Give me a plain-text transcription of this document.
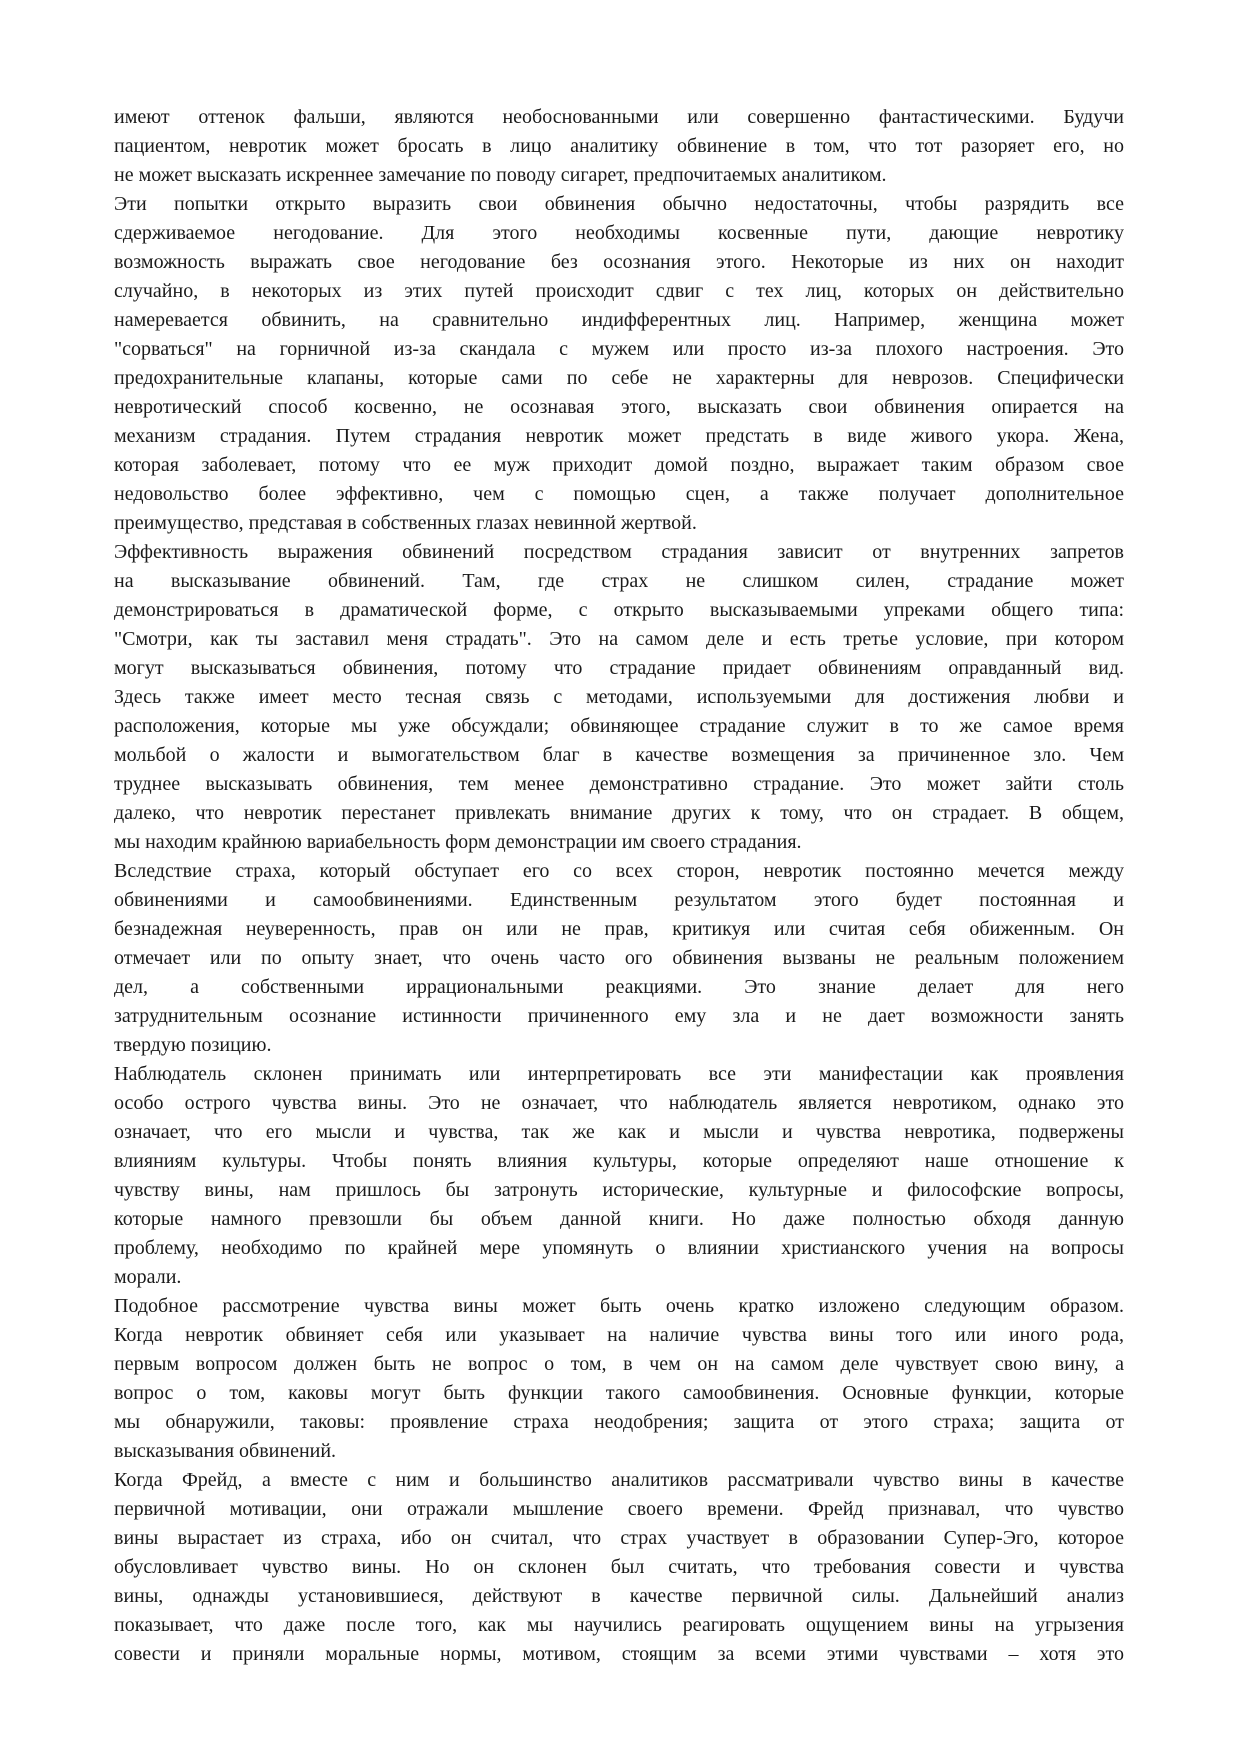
имеют оттенок фальши, являются необоснованными или совершенно фантастическими. Будучи
пациентом, невротик может бросать в лицо аналитику обвинение в том, что тот разоряет его, но
не может высказать искреннее замечание по поводу сигарет, предпочитаемых аналитиком.

Эти попытки открыто выразить свои обвинения обычно недостаточны, чтобы разрядить все
сдерживаемое негодование. Для этого необходимы косвенные пути, дающие невротику
возможность выражать свое негодование без осознания этого. Некоторые из них он находит
случайно, в некоторых из этих путей происходит сдвиг с тех лиц, которых он действительно
намеревается обвинить, на сравнительно индифферентных лиц. Например, женщина может
"сорваться" на горничной из-за скандала с мужем или просто из-за плохого настроения. Это
предохранительные клапаны, которые сами по себе не характерны для неврозов. Специфически
невротический способ косвенно, не осознавая этого, высказать свои обвинения опирается на
механизм страдания. Путем страдания невротик может предстать в виде живого укора. Жена,
которая заболевает, потому что ее муж приходит домой поздно, выражает таким образом свое
недовольство более эффективно, чем с помощью сцен, а также получает дополнительное
преимущество, представая в собственных глазах невинной жертвой.

Эффективность выражения обвинений посредством страдания зависит от внутренних запретов
на высказывание обвинений. Там, где страх не слишком силен, страдание может
демонстрироваться в драматической форме, с открыто высказываемыми упреками общего типа:
"Смотри, как ты заставил меня страдать". Это на самом деле и есть третье условие, при котором
могут высказываться обвинения, потому что страдание придает обвинениям оправданный вид.
Здесь также имеет место тесная связь с методами, используемыми для достижения любви и
расположения, которые мы уже обсуждали; обвиняющее страдание служит в то же самое время
мольбой о жалости и вымогательством благ в качестве возмещения за причиненное зло. Чем
труднее высказывать обвинения, тем менее демонстративно страдание. Это может зайти столь
далеко, что невротик перестанет привлекать внимание других к тому, что он страдает. В общем,
мы находим крайнюю вариабельность форм демонстрации им своего страдания.

Вследствие страха, который обступает его со всех сторон, невротик постоянно мечется между
обвинениями и самообвинениями. Единственным результатом этого будет постоянная и
безнадежная неуверенность, прав он или не прав, критикуя или считая себя обиженным. Он
отмечает или по опыту знает, что очень часто ого обвинения вызваны не реальным положением
дел, а собственными иррациональными реакциями. Это знание делает для него
затруднительным осознание истинности причиненного ему зла и не дает возможности занять
твердую позицию.

Наблюдатель склонен принимать или интерпретировать все эти манифестации как проявления
особо острого чувства вины. Это не означает, что наблюдатель является невротиком, однако это
означает, что его мысли и чувства, так же как и мысли и чувства невротика, подвержены
влияниям культуры. Чтобы понять влияния культуры, которые определяют наше отношение к
чувству вины, нам пришлось бы затронуть исторические, культурные и философские вопросы,
которые намного превзошли бы объем данной книги. Но даже полностью обходя данную
проблему, необходимо по крайней мере упомянуть о влиянии христианского учения на вопросы
морали.

Подобное рассмотрение чувства вины может быть очень кратко изложено следующим образом.
Когда невротик обвиняет себя или указывает на наличие чувства вины того или иного рода,
первым вопросом должен быть не вопрос о том, в чем он на самом деле чувствует свою вину, а
вопрос о том, каковы могут быть функции такого самообвинения. Основные функции, которые
мы обнаружили, таковы: проявление страха неодобрения; защита от этого страха; защита от
высказывания обвинений.

Когда Фрейд, а вместе с ним и большинство аналитиков рассматривали чувство вины в качестве
первичной мотивации, они отражали мышление своего времени. Фрейд признавал, что чувство
вины вырастает из страха, ибо он считал, что страх участвует в образовании Супер-Эго, которое
обусловливает чувство вины. Но он склонен был считать, что требования совести и чувства
вины, однажды установившиеся, действуют в качестве первичной силы. Дальнейший анализ
показывает, что даже после того, как мы научились реагировать ощущением вины на угрызения
совести и приняли моральные нормы, мотивом, стоящим за всеми этими чувствами – хотя это
